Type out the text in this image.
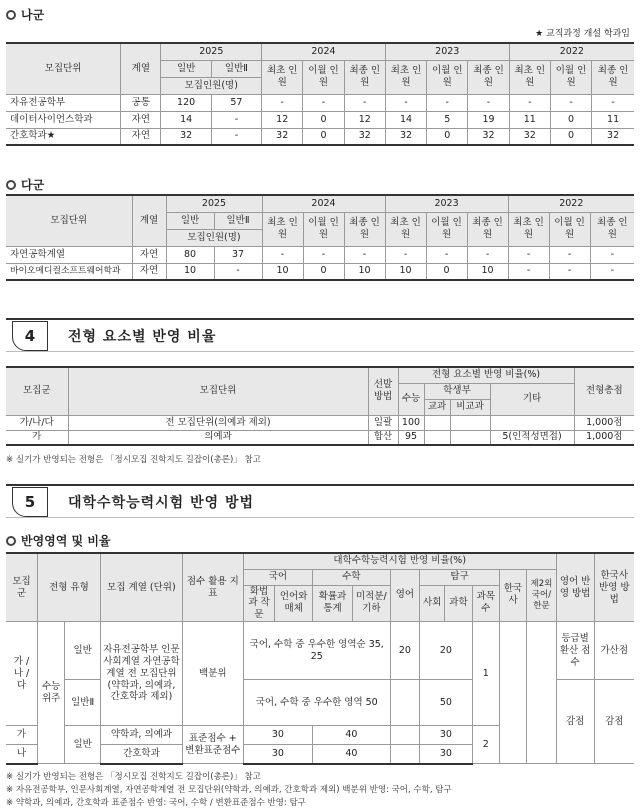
나군
★ 교직과정 개설 학과임
모집단위	계열	2025		2024			2023			2022		
		일반	일반Ⅱ	최초 인원	이월 인원	최종 인원	최초 인원	이월 인원	최종 인원	최초 인원	이월 인원	최종 인원
		모집인원(명)										
자유전공학부	공통	120	57	-	-	-	-	-	-	-	-	-
데이터사이언스학과	자연	14	-	12	0	12	14	5	19	11	0	11
간호학과★	자연	32	-	32	0	32	32	0	32	32	0	32
다군
모집단위	계열	2025		2024			2023			2022		
		일반	일반Ⅱ	최초 인원	이월 인원	최종 인원	최초 인원	이월 인원	최종 인원	최초 인원	이월 인원	최종 인원
		모집인원(명)										
자연공학계열	자연	80	37	-	-	-	-	-	-	-	-	-
바이오메디컬소프트웨어학과	자연	10	-	10	0	10	10	0	10	-	-	-
4	전형 요소별 반영 비율
모집군	모집단위	선발 방법	전형 요소별 반영 비율(%)				전형총점
			수능	학생부		기타	
				교과	비교과		
가/나/다	전 모집단위(의예과 제외)	일괄	100				1,000점
가	의예과	합산	95			5(인적성면접)	1,000점
※ 실기가 반영되는 전형은 「정시모집 진학지도 길잡이(총론)」 참고
5	대학수학능력시험 반영 방법
반영영역 및 비율
모집 군	전형 유형		모집 계열 (단위)	점수 활용 지표	대학수학능력시험 반영 비율(%)										영어 반영 방법	한국사 반영 방법
					국어		수학		영어	탐구			한국사	제2외 국어/ 한문		
					화법과 작문	언어와 매체	확률과 통계	미적분/ 기하		사회	과학	과목 수				
가 / 나 / 다	수능 위주	일반	자유전공학부 인문사회계열 자연공학계열 전 모집단위 (약학과, 의예과, 간호학과 제외)	백분위	국어, 수학 중 우수한 영역순 35, 25				20	20		1			등급별 환산 점수	가산점
		일반Ⅱ			국어, 수학 중 우수한 영역 50					50					감점	감점
가		일반	약학과, 의예과	표준점수 + 변환표준점수	30		40			30		2				
나			간호학과		30		40			30						
※ 실기가 반영되는 전형은 「정시모집 진학지도 길잡이(총론)」 참고
※ 자유전공학부, 인문사회계열, 자연공학계열 전 모집단위(약학과, 의예과, 간호학과 제외) 백분위 반영: 국어, 수학, 탐구
※ 약학과, 의예과, 간호학과 표준점수 반영: 국어, 수학 / 변환표준점수 반영: 탐구
